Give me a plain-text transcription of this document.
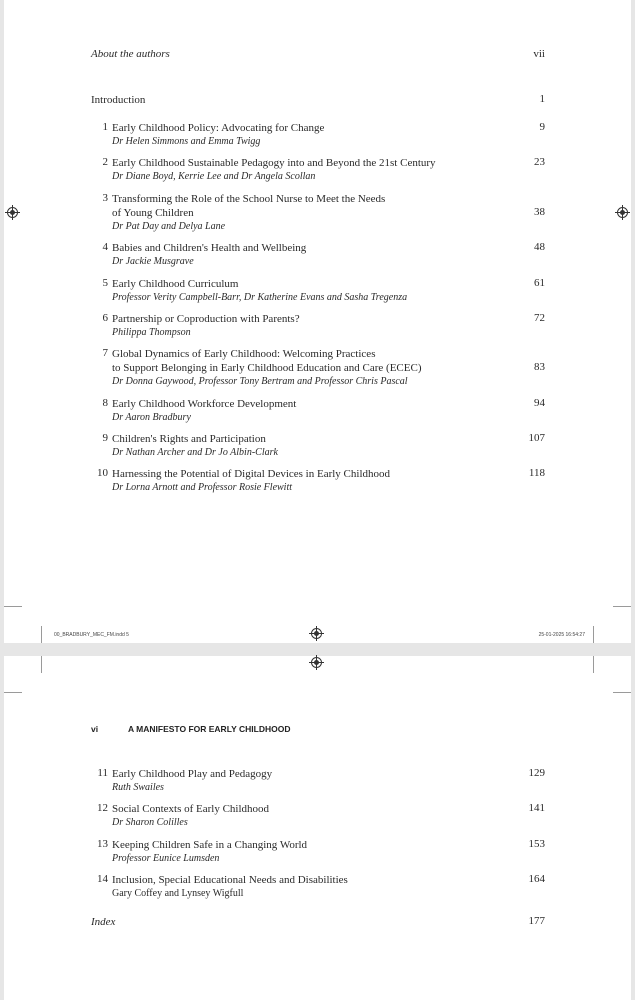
About the authors	vii
Introduction	1
1 Early Childhood Policy: Advocating for Change	9
Dr Helen Simmons and Emma Twigg
2 Early Childhood Sustainable Pedagogy into and Beyond the 21st Century	23
Dr Diane Boyd, Kerrie Lee and Dr Angela Scollan
3 Transforming the Role of the School Nurse to Meet the Needs
of Young Children	38
Dr Pat Day and Delya Lane
4 Babies and Children's Health and Wellbeing	48
Dr Jackie Musgrave
5 Early Childhood Curriculum	61
Professor Verity Campbell-Barr, Dr Katherine Evans and Sasha Tregenza
6 Partnership or Coproduction with Parents?	72
Philippa Thompson
7 Global Dynamics of Early Childhood: Welcoming Practices
to Support Belonging in Early Childhood Education and Care (ECEC)	83
Dr Donna Gaywood, Professor Tony Bertram and Professor Chris Pascal
8 Early Childhood Workforce Development	94
Dr Aaron Bradbury
9 Children's Rights and Participation	107
Dr Nathan Archer and Dr Jo Albin-Clark
10 Harnessing the Potential of Digital Devices in Early Childhood	118
Dr Lorna Arnott and Professor Rosie Flewitt
00_BRADBURY_MEC_FM.indd 5	25-01-2025 16:54:27
vi	A MANIFESTO FOR EARLY CHILDHOOD
11 Early Childhood Play and Pedagogy	129
Ruth Swailes
12 Social Contexts of Early Childhood	141
Dr Sharon Colilles
13 Keeping Children Safe in a Changing World	153
Professor Eunice Lumsden
14 Inclusion, Special Educational Needs and Disabilities	164
Gary Coffey and Lynsey Wigfull
Index	177
